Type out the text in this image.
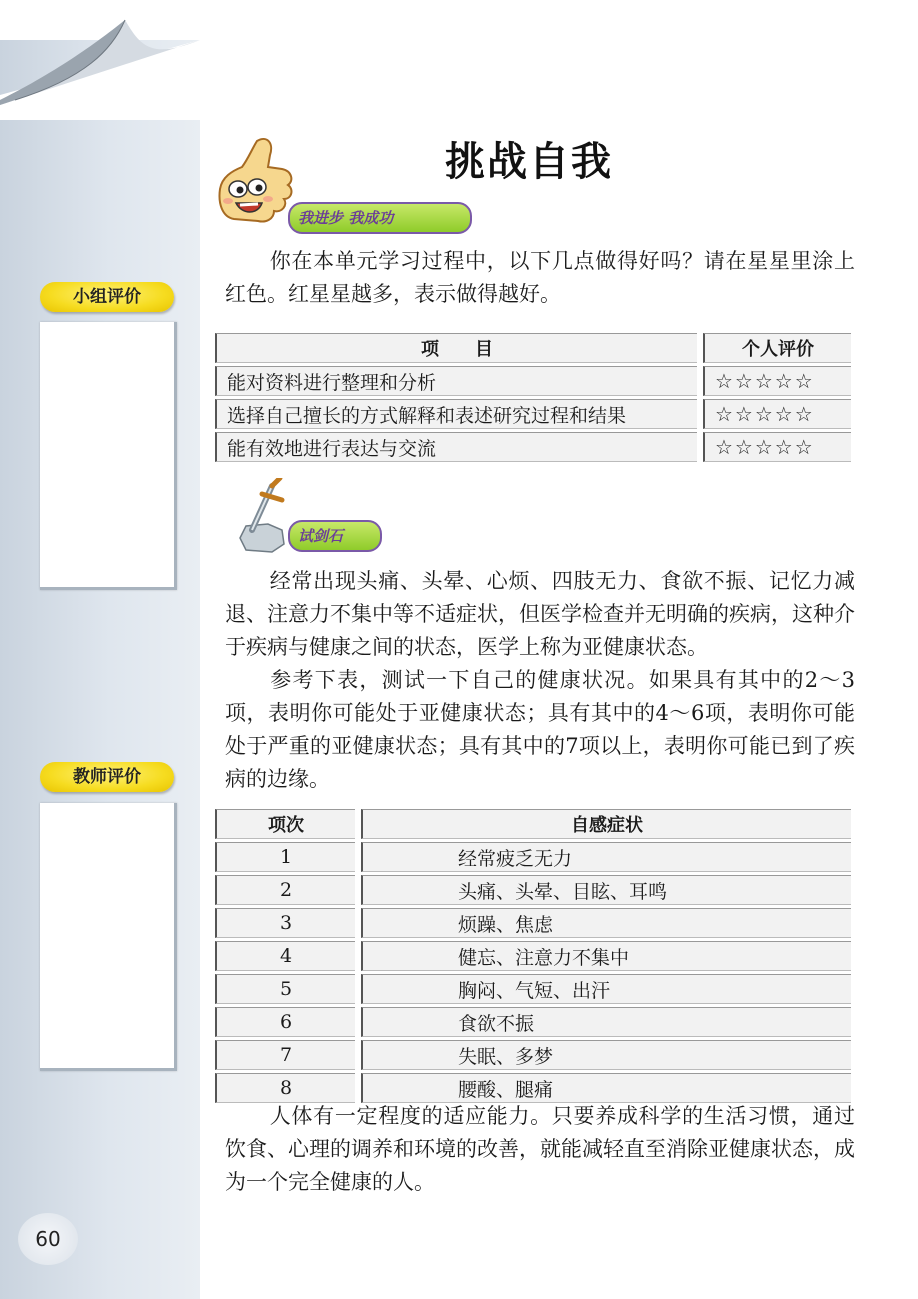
小组评价
教师评价
60
挑战自我
我进步 我成功

你在本单元学习过程中，以下几点做得好吗？请在星星里涂上红色。红星星越多，表示做得越好。

项　　目		个人评价
能对资料进行整理和分析		☆☆☆☆☆
选择自己擅长的方式解释和表述研究过程和结果		☆☆☆☆☆
能有效地进行表达与交流		☆☆☆☆☆
试剑石

经常出现头痛、头晕、心烦、四肢无力、食欲不振、记忆力减退、注意力不集中等不适症状，但医学检查并无明确的疾病，这种介于疾病与健康之间的状态，医学上称为亚健康状态。

参考下表，测试一下自己的健康状况。如果具有其中的2～3项，表明你可能处于亚健康状态；具有其中的4～6项，表明你可能处于严重的亚健康状态；具有其中的7项以上，表明你可能已到了疾病的边缘。

项次		自感症状
1		经常疲乏无力
2		头痛、头晕、目眩、耳鸣
3		烦躁、焦虑
4		健忘、注意力不集中
5		胸闷、气短、出汗
6		食欲不振
7		失眠、多梦
8		腰酸、腿痛

人体有一定程度的适应能力。只要养成科学的生活习惯，通过饮食、心理的调养和环境的改善，就能减轻直至消除亚健康状态，成为一个完全健康的人。
